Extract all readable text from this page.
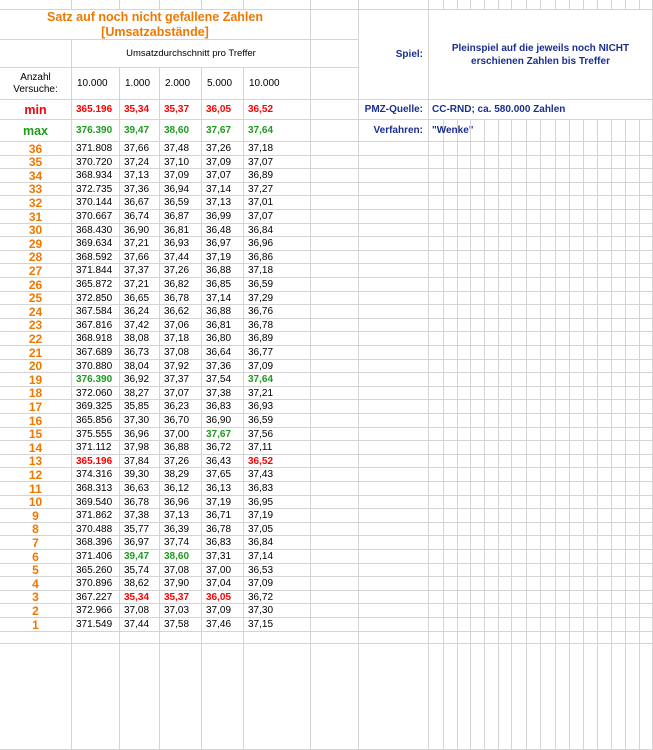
Satz auf noch nicht gefallene Zahlen
[Umsatzabstände]
Umsatzdurchschnitt pro Treffer
Anzahl
Versuche:	10.000	1.000	2.000	5.000	10.000
min	365.196	35,34	35,37	36,05	36,52
max	376.390	39,47	38,60	37,67	37,64
36	371.808	37,66	37,48	37,26	37,18
35	370.720	37,24	37,10	37,09	37,07
34	368.934	37,13	37,09	37,07	36,89
33	372.735	37,36	36,94	37,14	37,27
32	370.144	36,67	36,59	37,13	37,01
31	370.667	36,74	36,87	36,99	37,07
30	368.430	36,90	36,81	36,48	36,84
29	369.634	37,21	36,93	36,97	36,96
28	368.592	37,66	37,44	37,19	36,86
27	371.844	37,37	37,26	36,88	37,18
26	365.872	37,21	36,82	36,85	36,59
25	372.850	36,65	36,78	37,14	37,29
24	367.584	36,24	36,62	36,88	36,76
23	367.816	37,42	37,06	36,81	36,78
22	368.918	38,08	37,18	36,80	36,89
21	367.689	36,73	37,08	36,64	36,77
20	370.880	38,04	37,92	37,36	37,09
19	376.390	36,92	37,37	37,54	37,64
18	372.060	38,27	37,07	37,38	37,21
17	369.325	35,85	36,23	36,83	36,93
16	365.856	37,30	36,70	36,90	36,59
15	375.555	36,96	37,00	37,67	37,56
14	371.112	37,98	36,88	36,72	37,11
13	365.196	37,84	37,26	36,43	36,52
12	374.316	39,30	38,29	37,65	37,43
11	368.313	36,63	36,12	36,13	36,83
10	369.540	36,78	36,96	37,19	36,95
9	371.862	37,38	37,13	36,71	37,19
8	370.488	35,77	36,39	36,78	37,05
7	368.396	36,97	37,74	36,83	36,84
6	371.406	39,47	38,60	37,31	37,14
5	365.260	35,74	37,08	37,00	36,53
4	370.896	38,62	37,90	37,04	37,09
3	367.227	35,34	35,37	36,05	36,72
2	372.966	37,08	37,03	37,09	37,30
1	371.549	37,44	37,58	37,46	37,15
Spiel:
Pleinspiel auf die jeweils noch NICHT erschienen Zahlen bis Treffer
PMZ-Quelle: CC-RND; ca. 580.000 Zahlen
Verfahren: "Wenke"
